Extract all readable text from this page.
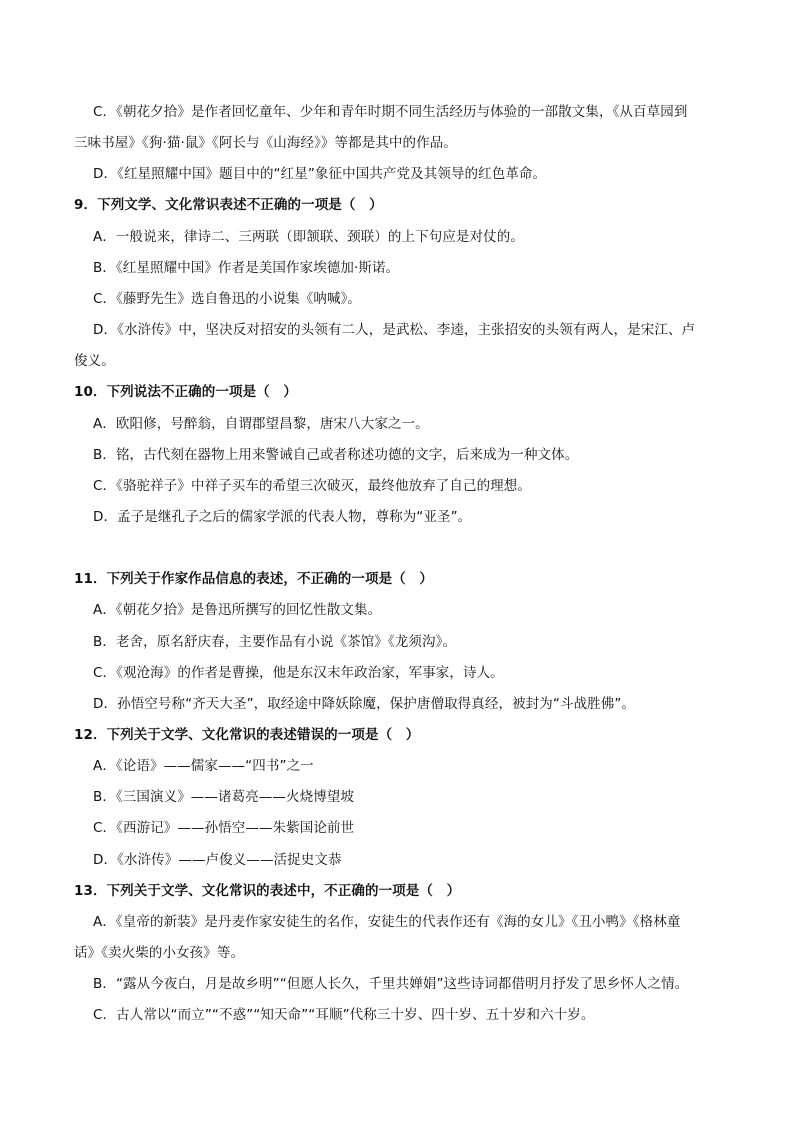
C．《朝花夕拾》是作者回忆童年、少年和青年时期不同生活经历与体验的一部散文集，《从百草园到
三味书屋》《狗·猫·鼠》《阿长与《山海经》》等都是其中的作品。
D．《红星照耀中国》题目中的“红星”象征中国共产党及其领导的红色革命。
9．下列文学、文化常识表述不正确的一项是（　）
A．一般说来，律诗二、三两联（即颔联、颈联）的上下句应是对仗的。
B．《红星照耀中国》作者是美国作家埃德加·斯诺。
C．《藤野先生》选自鲁迅的小说集《呐喊》。
D．《水浒传》中，坚决反对招安的头领有二人，是武松、李逵，主张招安的头领有两人，是宋江、卢
俊义。
10．下列说法不正确的一项是（　）
A．欧阳修，号醉翁，自谓郡望昌黎，唐宋八大家之一。
B．铭，古代刻在器物上用来警诫自己或者称述功德的文字，后来成为一种文体。
C．《骆驼祥子》中祥子买车的希望三次破灭，最终他放弃了自己的理想。
D．孟子是继孔子之后的儒家学派的代表人物，尊称为“亚圣”。
11．下列关于作家作品信息的表述，不正确的一项是（　）
A．《朝花夕拾》是鲁迅所撰写的回忆性散文集。
B．老舍，原名舒庆春，主要作品有小说《茶馆》《龙须沟》。
C．《观沧海》的作者是曹操，他是东汉末年政治家，军事家，诗人。
D．孙悟空号称“齐天大圣”，取经途中降妖除魔，保护唐僧取得真经，被封为“斗战胜佛”。
12．下列关于文学、文化常识的表述错误的一项是（　）
A．《论语》——儒家——“四书”之一
B．《三国演义》——诸葛亮——火烧博望坡
C．《西游记》——孙悟空——朱紫国论前世
D．《水浒传》——卢俊义——活捉史文恭
13．下列关于文学、文化常识的表述中，不正确的一项是（　）
A．《皇帝的新装》是丹麦作家安徒生的名作，安徒生的代表作还有《海的女儿》《丑小鸭》《格林童
话》《卖火柴的小女孩》等。
B．“露从今夜白，月是故乡明”“但愿人长久，千里共婵娟”这些诗词都借明月抒发了思乡怀人之情。
C．古人常以“而立”“不惑”“知天命”“耳顺”代称三十岁、四十岁、五十岁和六十岁。
